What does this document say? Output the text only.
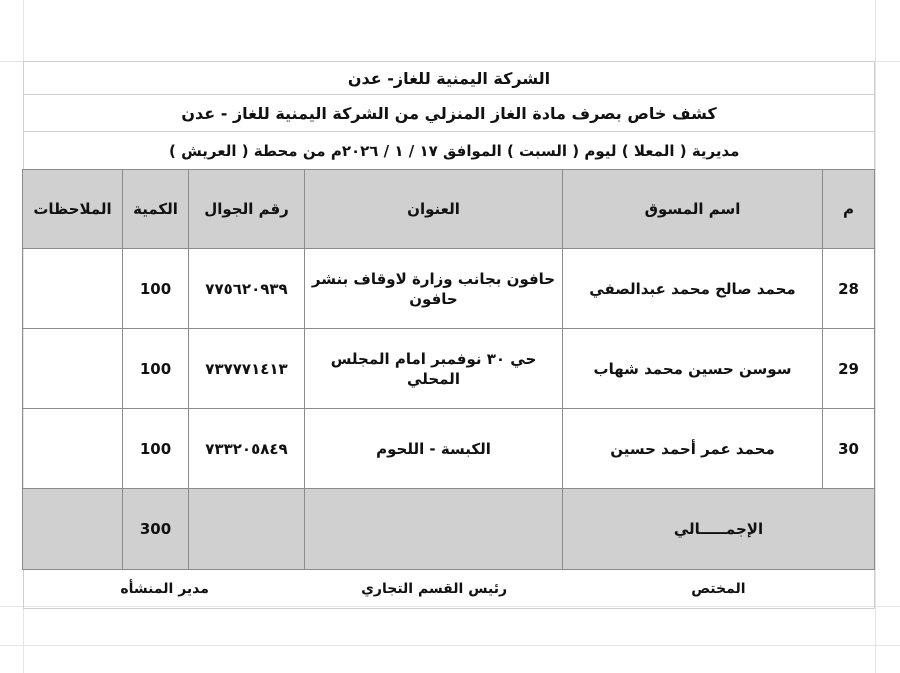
الشركة اليمنية للغاز- عدن
كشف خاص بصرف مادة الغاز المنزلي من الشركة اليمنية للغاز - عدن
مديرية ( المعلا ) ليوم ( السبت ) الموافق ١٧ / ١ / ٢٠٢٦م من محطة ( العريش )
م	اسم المسوق	العنوان	رقم الجوال	الكمية	الملاحظات
28	محمد صالح محمد عبدالصفي	حافون بجانب وزارة لاوقاف بنشر حافون	٧٧٥٦٢٠٩٣٩	100	
29	سوسن حسين محمد شهاب	حي ٣٠ نوفمبر امام المجلس المحلي	٧٣٧٧٧١٤١٣	100	
30	محمد عمر أحمد حسين	الكبسة - اللحوم	٧٣٣٢٠٥٨٤٩	100	
الإجمـــــالي				300	
المختص
رئيس القسم التجاري
مدير المنشأه
